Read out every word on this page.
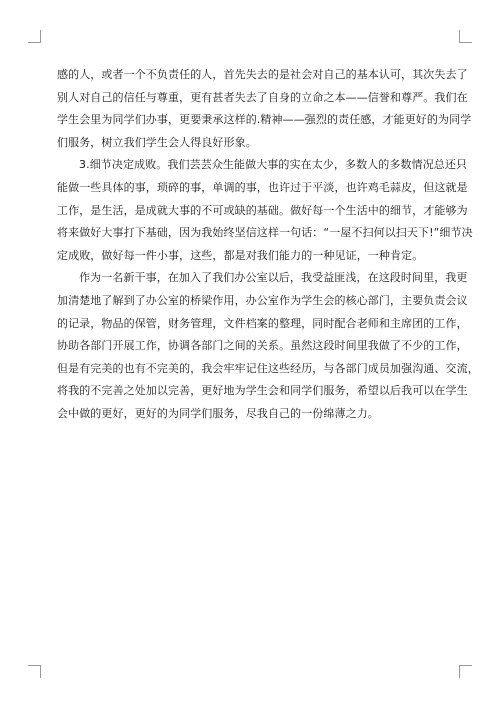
感的人，或者一个不负责任的人，首先失去的是社会对自己的基本认可，其次失去了
别人对自己的信任与尊重，更有甚者失去了自身的立命之本——信誉和尊严。我们在
学生会里为同学们办事，更要秉承这样的.精神——强烈的责任感，才能更好的为同学
们服务，树立我们学生会人得良好形象。
3.细节决定成败。我们芸芸众生能做大事的实在太少，多数人的多数情况总还只
能做一些具体的事，琐碎的事，单调的事，也许过于平淡，也许鸡毛蒜皮，但这就是
工作，是生活，是成就大事的不可或缺的基础。做好每一个生活中的细节，才能够为
将来做好大事打下基础，因为我始终坚信这样一句话：“一屋不扫何以扫天下!”细节决
定成败，做好每一件小事，这些，都是对我们能力的一种见证，一种肯定。
作为一名新干事，在加入了我们办公室以后，我受益匪浅，在这段时间里，我更
加清楚地了解到了办公室的桥梁作用，办公室作为学生会的核心部门，主要负责会议
的记录，物品的保管，财务管理，文件档案的整理，同时配合老师和主席团的工作，
协助各部门开展工作，协调各部门之间的关系。虽然这段时间里我做了不少的工作，
但是有完美的也有不完美的，我会牢牢记住这些经历，与各部门成员加强沟通、交流，
将我的不完善之处加以完善，更好地为学生会和同学们服务，希望以后我可以在学生
会中做的更好，更好的为同学们服务，尽我自己的一份绵薄之力。
